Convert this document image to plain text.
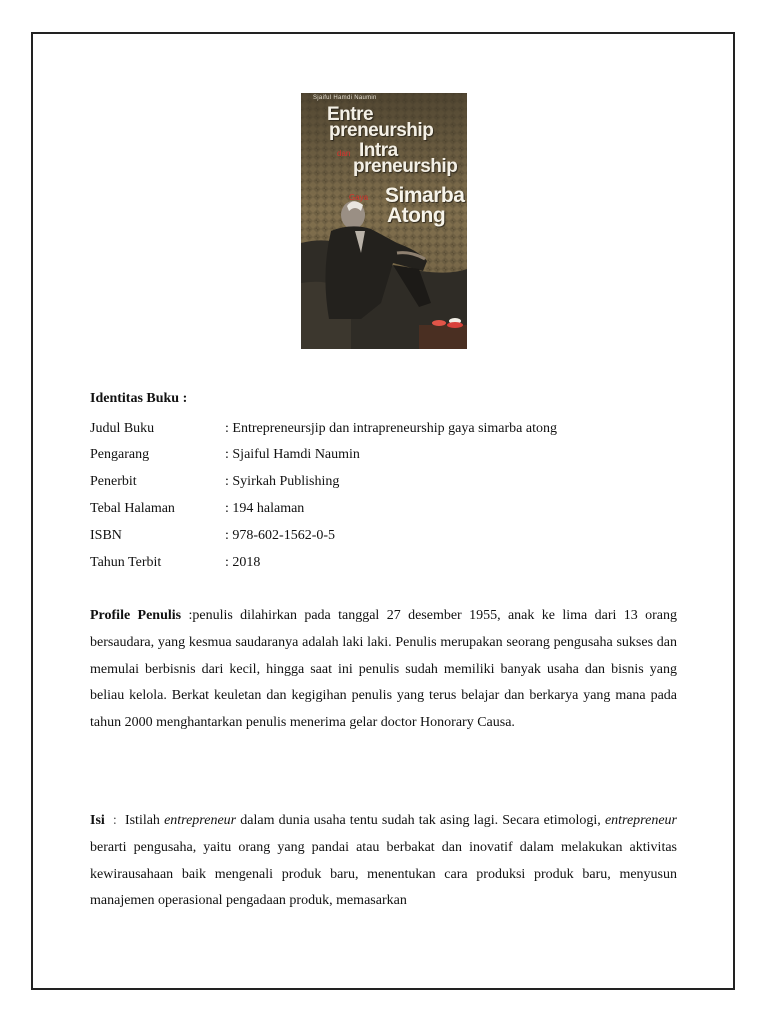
Sjaiful Hamdi Naumin
Entre
preneurship
dan Intra
preneurship
Gaya Simarba
Atong
Identitas Buku :
Judul Buku	: Entrepreneursjip dan intrapreneurship gaya simarba atong
Pengarang	: Sjaiful Hamdi Naumin
Penerbit	: Syirkah Publishing
Tebal Halaman	: 194 halaman
ISBN	: 978-602-1562-0-5
Tahun Terbit	: 2018

Profile Penulis :penulis dilahirkan pada tanggal 27 desember 1955, anak ke lima dari 13 orang bersaudara, yang kesmua saudaranya adalah laki laki. Penulis merupakan seorang pengusaha sukses dan memulai berbisnis dari kecil, hingga saat ini penulis sudah memiliki banyak usaha dan bisnis yang beliau kelola. Berkat keuletan dan kegigihan penulis yang terus belajar dan berkarya yang mana pada tahun 2000 menghantarkan penulis menerima gelar doctor Honorary Causa.

Isi : Istilah entrepreneur dalam dunia usaha tentu sudah tak asing lagi. Secara etimologi, entrepreneur berarti pengusaha, yaitu orang yang pandai atau berbakat dan inovatif dalam melakukan aktivitas kewirausahaan baik mengenali produk baru, menentukan cara produksi produk baru, menyusun manajemen operasional pengadaan produk, memasarkan
